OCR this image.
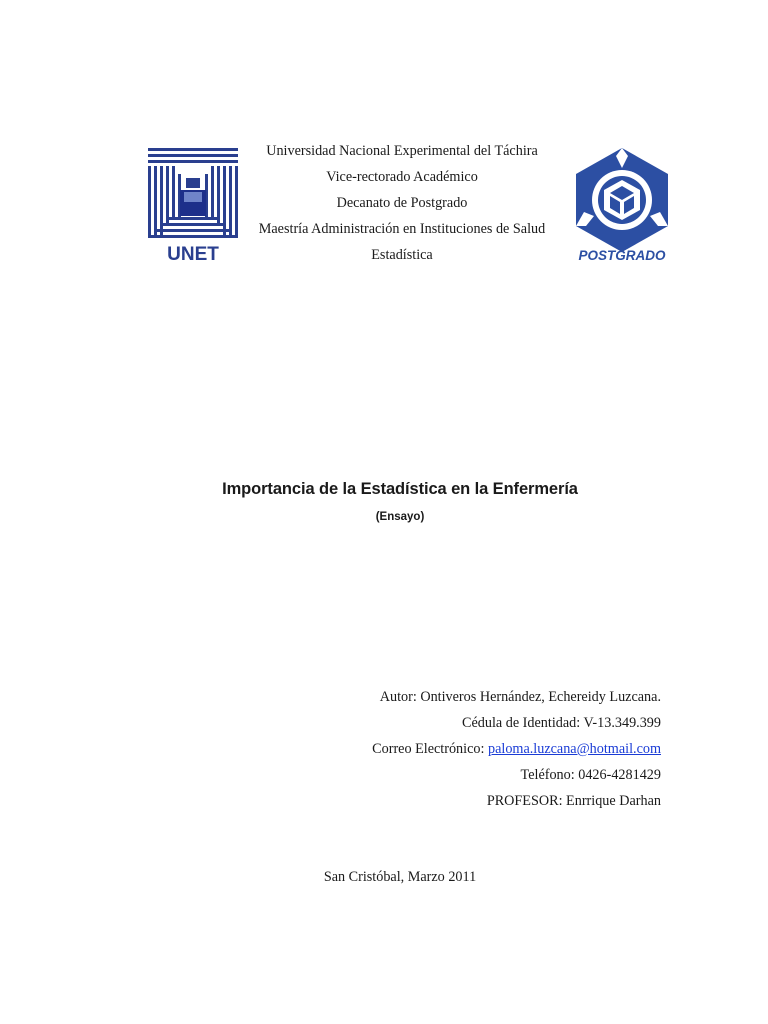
UNET
Universidad Nacional Experimental del Táchira
Vice-rectorado Académico
Decanato de Postgrado
Maestría Administración en Instituciones de Salud
Estadística	POSTGRADO
Importancia de la Estadística en la Enfermería
(Ensayo)
Autor: Ontiveros Hernández, Echereidy Luzcana.
Cédula de Identidad: V-13.349.399
Correo Electrónico: paloma.luzcana@hotmail.com
Teléfono: 0426-4281429
PROFESOR: Enrrique Darhan
San Cristóbal, Marzo 2011
